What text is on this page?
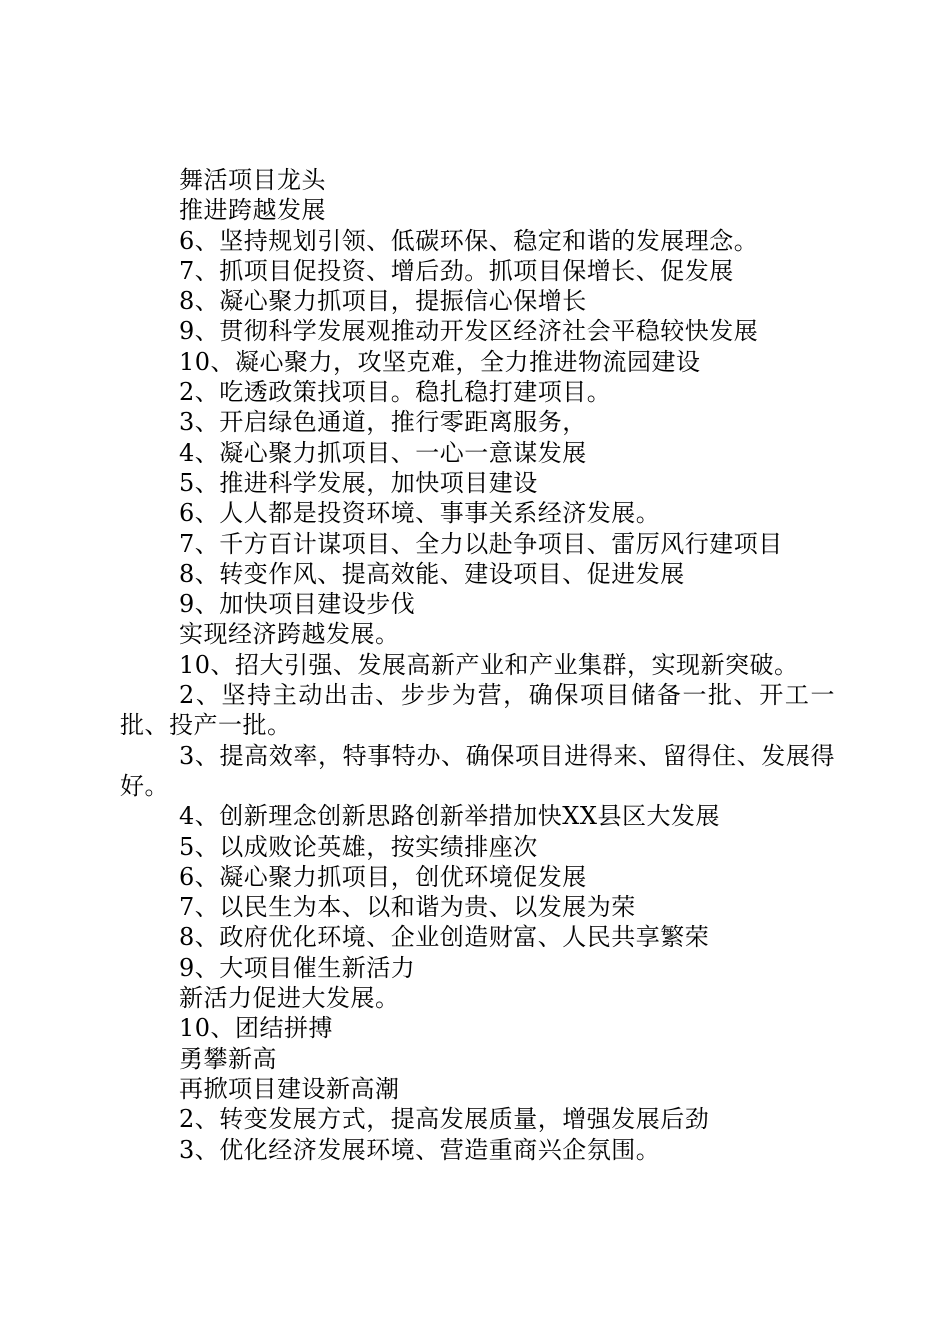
舞活项目龙头

推进跨越发展

6、坚持规划引领、低碳环保、稳定和谐的发展理念。

7、抓项目促投资、增后劲。抓项目保增长、促发展

8、凝心聚力抓项目，提振信心保增长

9、贯彻科学发展观推动开发区经济社会平稳较快发展

10、凝心聚力，攻坚克难，全力推进物流园建设

2、吃透政策找项目。稳扎稳打建项目。

3、开启绿色通道，推行零距离服务，

4、凝心聚力抓项目、一心一意谋发展

5、推进科学发展，加快项目建设

6、人人都是投资环境、事事关系经济发展。

7、千方百计谋项目、全力以赴争项目、雷厉风行建项目

8、转变作风、提高效能、建设项目、促进发展

9、加快项目建设步伐

实现经济跨越发展。

10、招大引强、发展高新产业和产业集群，实现新突破。

2、坚持主动出击、步步为营，确保项目储备一批、开工一批、投产一批。

3、提高效率，特事特办、确保项目进得来、留得住、发展得好。

4、创新理念创新思路创新举措加快XX县区大发展

5、以成败论英雄，按实绩排座次

6、凝心聚力抓项目，创优环境促发展

7、以民生为本、以和谐为贵、以发展为荣

8、政府优化环境、企业创造财富、人民共享繁荣

9、大项目催生新活力

新活力促进大发展。

10、团结拼搏

勇攀新高

再掀项目建设新高潮

2、转变发展方式，提高发展质量，增强发展后劲

3、优化经济发展环境、营造重商兴企氛围。
